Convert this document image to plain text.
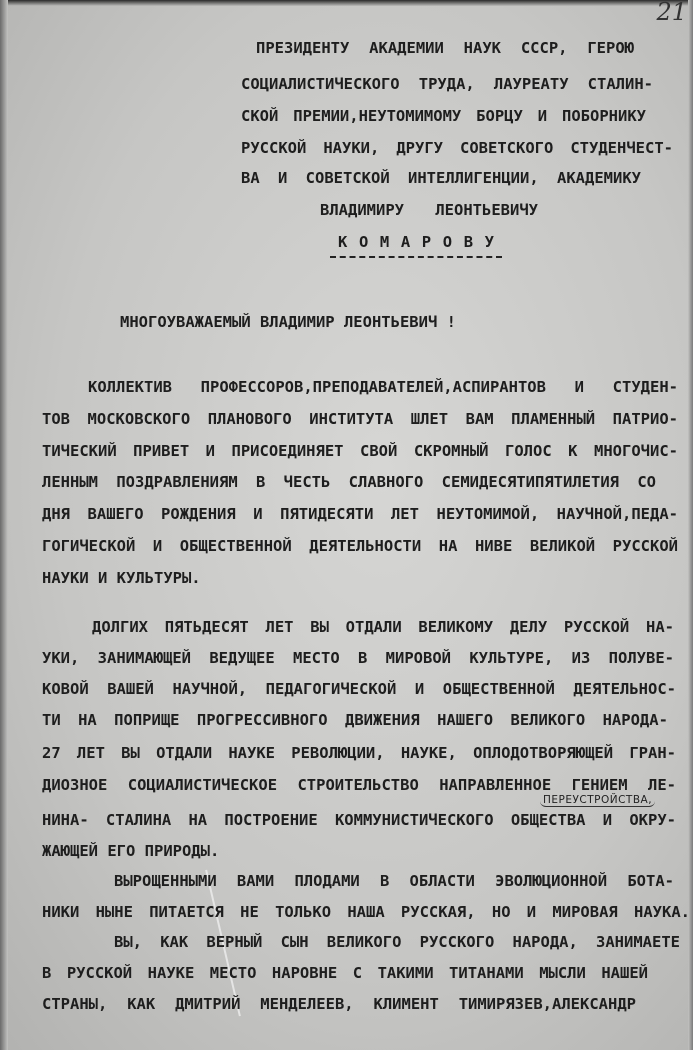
21
ПРЕЗИДЕНТУ АКАДЕМИИ НАУК СССР, ГЕРОЮ
СОЦИАЛИСТИЧЕСКОГО ТРУДА, ЛАУРЕАТУ СТАЛИН-
СКОЙ ПРЕМИИ,НЕУТОМИМОМУ БОРЦУ И ПОБОРНИКУ
РУССКОЙ НАУКИ, ДРУГУ СОВЕТСКОГО СТУДЕНЧЕСТ-
ВА И СОВЕТСКОЙ ИНТЕЛЛИГЕНЦИИ, АКАДЕМИКУ
ВЛАДИМИРУ ЛЕОНТЬЕВИЧУ
К О М А Р О В У
МНОГОУВАЖАЕМЫЙ ВЛАДИМИР ЛЕОНТЬЕВИЧ !
КОЛЛЕКТИВ ПРОФЕССОРОВ,ПРЕПОДАВАТЕЛЕЙ,АСПИРАНТОВ И СТУДЕН-
ТОВ МОСКОВСКОГО ПЛАНОВОГО ИНСТИТУТА ШЛЕТ ВАМ ПЛАМЕННЫЙ ПАТРИО-
ТИЧЕСКИЙ ПРИВЕТ И ПРИСОЕДИНЯЕТ СВОЙ СКРОМНЫЙ ГОЛОС К МНОГОЧИС-
ЛЕННЫМ ПОЗДРАВЛЕНИЯМ В ЧЕСТЬ СЛАВНОГО СЕМИДЕСЯТИПЯТИЛЕТИЯ СО
ДНЯ ВАШЕГО РОЖДЕНИЯ И ПЯТИДЕСЯТИ ЛЕТ НЕУТОМИМОЙ, НАУЧНОЙ,ПЕДА-
ГОГИЧЕСКОЙ И ОБЩЕСТВЕННОЙ ДЕЯТЕЛЬНОСТИ НА НИВЕ ВЕЛИКОЙ РУССКОЙ
НАУКИ И КУЛЬТУРЫ.
ДОЛГИХ ПЯТЬДЕСЯТ ЛЕТ ВЫ ОТДАЛИ ВЕЛИКОМУ ДЕЛУ РУССКОЙ НА-
УКИ, ЗАНИМАЮЩЕЙ ВЕДУЩЕЕ МЕСТО В МИРОВОЙ КУЛЬТУРЕ, ИЗ ПОЛУВЕ-
КОВОЙ ВАШЕЙ НАУЧНОЙ, ПЕДАГОГИЧЕСКОЙ И ОБЩЕСТВЕННОЙ ДЕЯТЕЛЬНОС-
ТИ НА ПОПРИЩЕ ПРОГРЕССИВНОГО ДВИЖЕНИЯ НАШЕГО ВЕЛИКОГО НАРОДА-
27 ЛЕТ ВЫ ОТДАЛИ НАУКЕ РЕВОЛЮЦИИ, НАУКЕ, ОПЛОДОТВОРЯЮЩЕЙ ГРАН-
ДИОЗНОЕ СОЦИАЛИСТИЧЕСКОЕ СТРОИТЕЛЬСТВО НАПРАВЛЕННОЕ ГЕНИЕМ ЛЕ-
ПЕРЕУСТРОЙСТВА,
НИНА- СТАЛИНА НА ПОСТРОЕНИЕ КОММУНИСТИЧЕСКОГО ОБЩЕСТВА И ОКРУ-
ЖАЮЩЕЙ ЕГО ПРИРОДЫ.
ВЫРОЩЕННЫМИ ВАМИ ПЛОДАМИ В ОБЛАСТИ ЭВОЛЮЦИОННОЙ БОТА-
НИКИ НЫНЕ ПИТАЕТСЯ НЕ ТОЛЬКО НАША РУССКАЯ, НО И МИРОВАЯ НАУКА.
ВЫ, КАК ВЕРНЫЙ СЫН ВЕЛИКОГО РУССКОГО НАРОДА, ЗАНИМАЕТЕ
В РУССКОЙ НАУКЕ МЕСТО НАРОВНЕ С ТАКИМИ ТИТАНАМИ МЫСЛИ НАШЕЙ
СТРАНЫ, КАК ДМИТРИЙ МЕНДЕЛЕЕВ, КЛИМЕНТ ТИМИРЯЗЕВ,АЛЕКСАНДР
